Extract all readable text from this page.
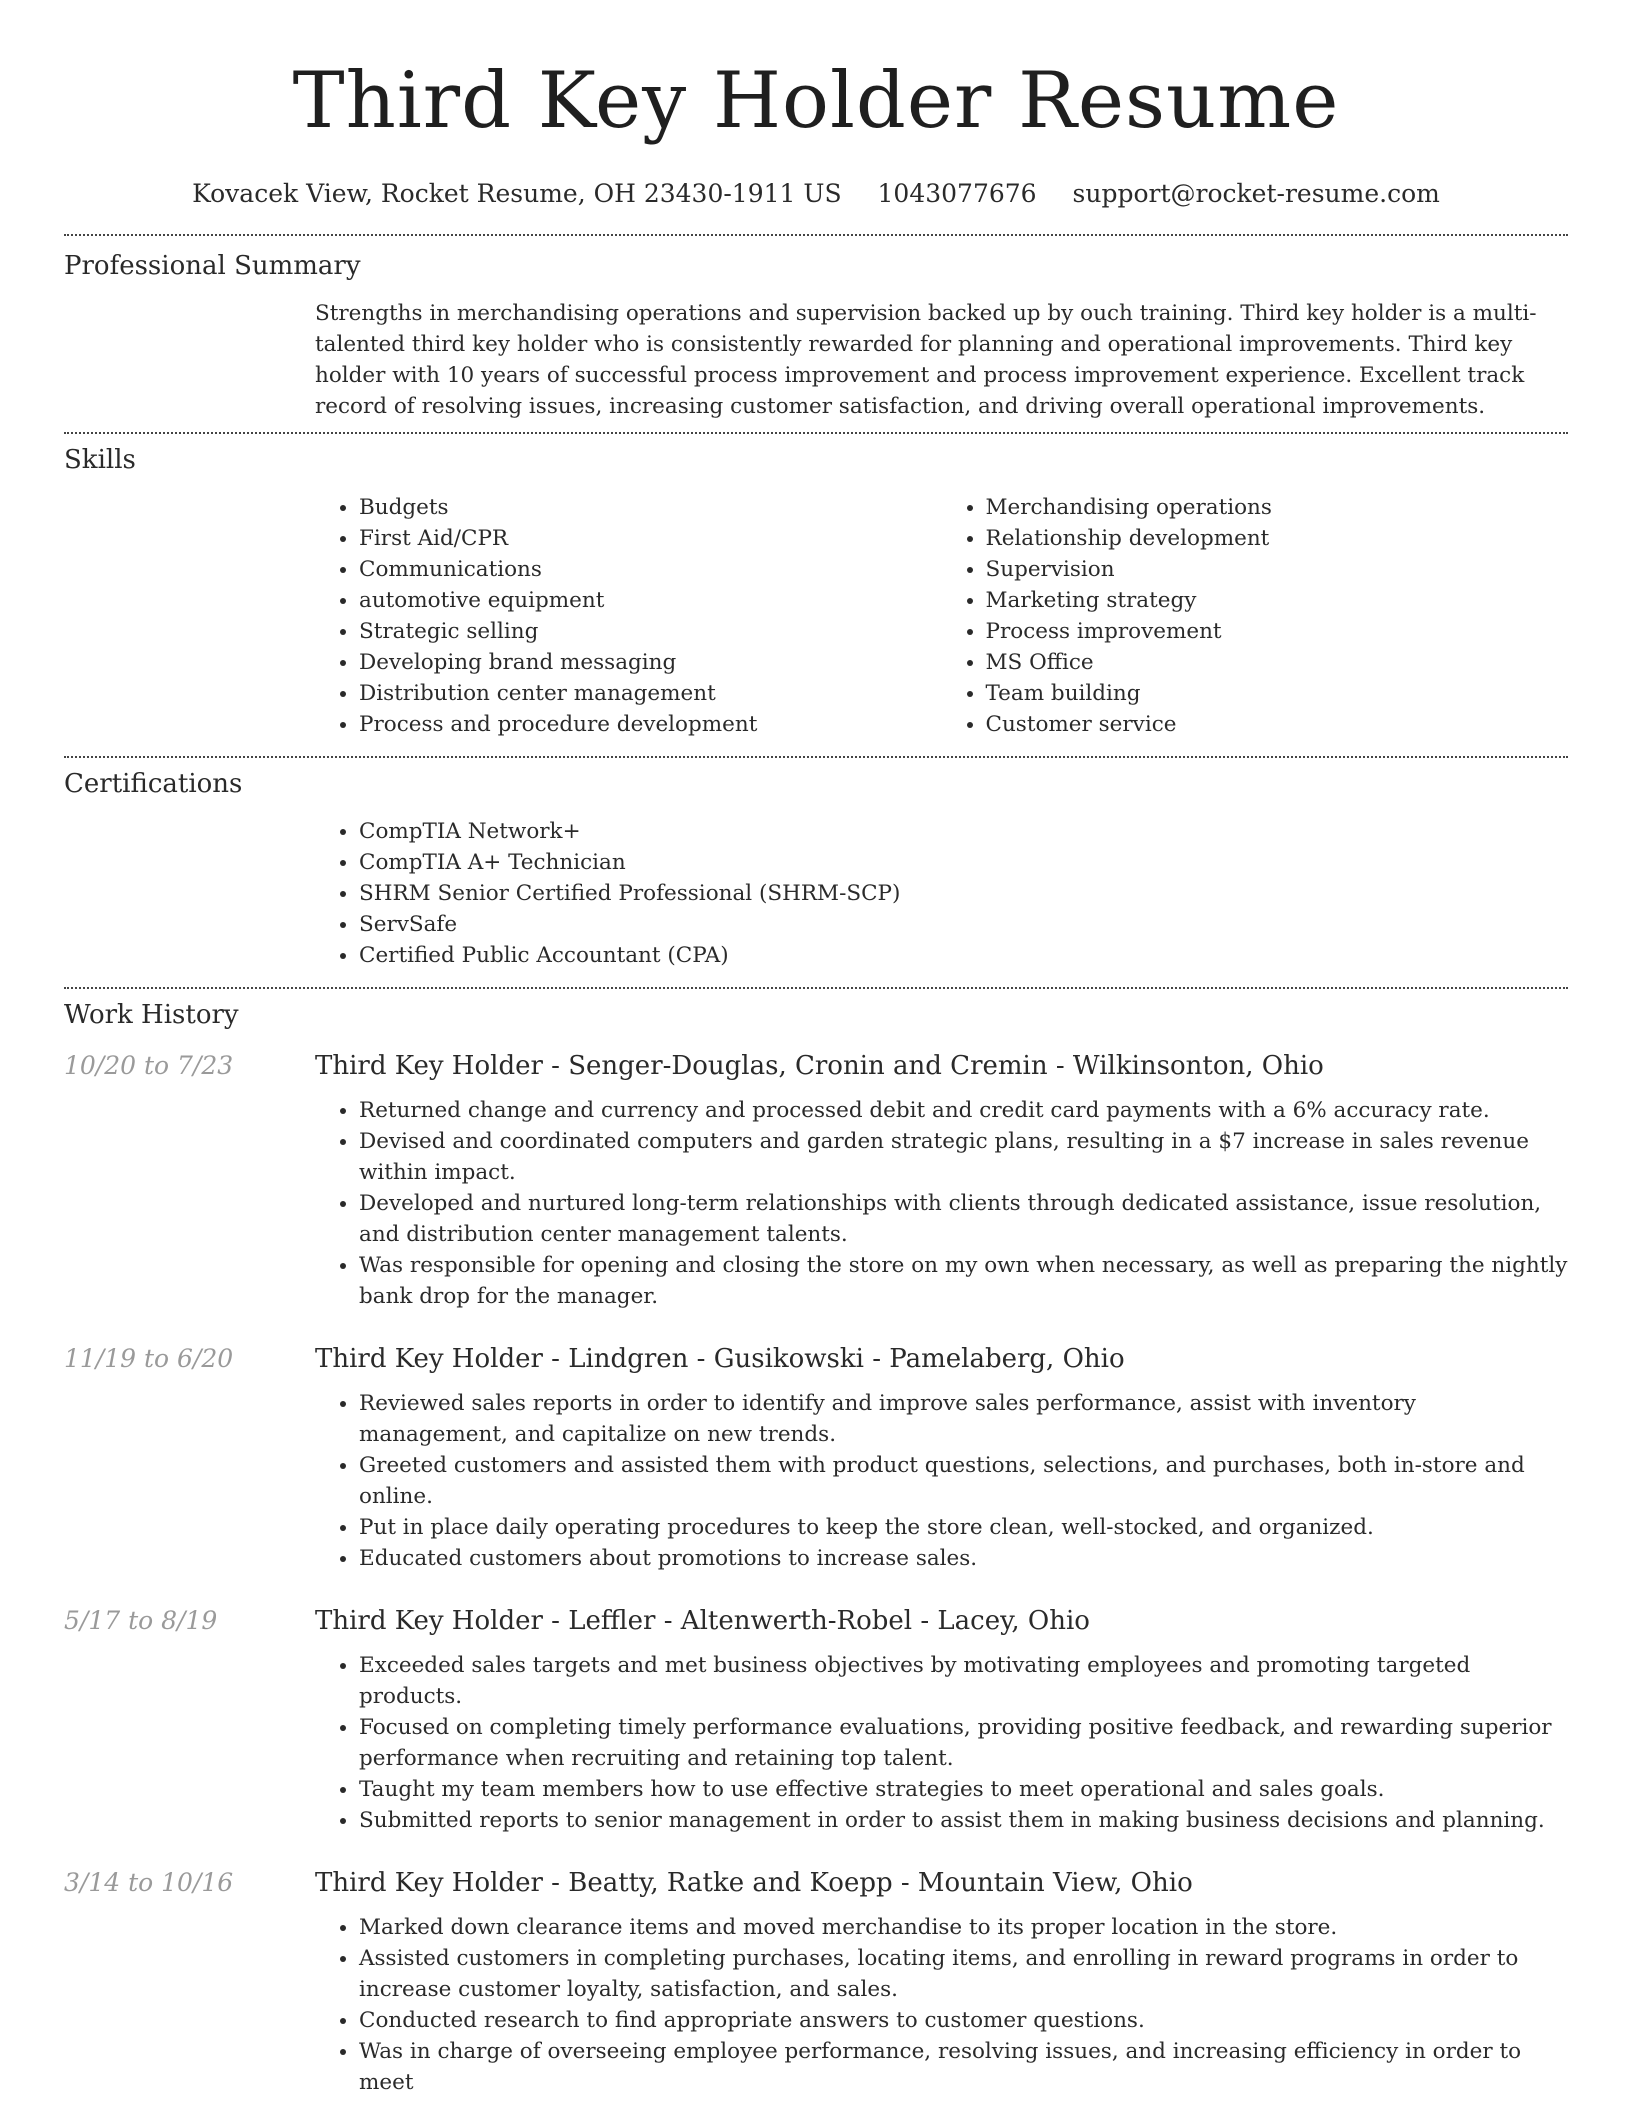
Third Key Holder Resume
Kovacek View, Rocket Resume, OH 23430-1911 US 1043077676 support@rocket-resume.com
Professional Summary

Strengths in merchandising operations and supervision backed up by ouch training. Third key holder is a multi-talented third key holder who is consistently rewarded for planning and operational improvements. Third key holder with 10 years of successful process improvement and process improvement experience. Excellent track record of resolving issues, increasing customer satisfaction, and driving overall operational improvements.

Skills
• Budgets
• First Aid/CPR
• Communications
• automotive equipment
• Strategic selling
• Developing brand messaging
• Distribution center management
• Process and procedure development
• Merchandising operations
• Relationship development
• Supervision
• Marketing strategy
• Process improvement
• MS Office
• Team building
• Customer service
Certifications
• CompTIA Network+
• CompTIA A+ Technician
• SHRM Senior Certified Professional (SHRM-SCP)
• ServSafe
• Certified Public Accountant (CPA)
Work History
10/20 to 7/23	Third Key Holder - Senger-Douglas, Cronin and Cremin - Wilkinsonton, Ohio
• Returned change and currency and processed debit and credit card payments with a 6% accuracy rate.
• Devised and coordinated computers and garden strategic plans, resulting in a $7 increase in sales revenue within impact.
• Developed and nurtured long-term relationships with clients through dedicated assistance, issue resolution, and distribution center management talents.
• Was responsible for opening and closing the store on my own when necessary, as well as preparing the nightly bank drop for the manager.
11/19 to 6/20	Third Key Holder - Lindgren - Gusikowski - Pamelaberg, Ohio
• Reviewed sales reports in order to identify and improve sales performance, assist with inventory management, and capitalize on new trends.
• Greeted customers and assisted them with product questions, selections, and purchases, both in-store and online.
• Put in place daily operating procedures to keep the store clean, well-stocked, and organized.
• Educated customers about promotions to increase sales.
5/17 to 8/19	Third Key Holder - Leffler - Altenwerth-Robel - Lacey, Ohio
• Exceeded sales targets and met business objectives by motivating employees and promoting targeted products.
• Focused on completing timely performance evaluations, providing positive feedback, and rewarding superior performance when recruiting and retaining top talent.
• Taught my team members how to use effective strategies to meet operational and sales goals.
• Submitted reports to senior management in order to assist them in making business decisions and planning.
3/14 to 10/16	Third Key Holder - Beatty, Ratke and Koepp - Mountain View, Ohio
• Marked down clearance items and moved merchandise to its proper location in the store.
• Assisted customers in completing purchases, locating items, and enrolling in reward programs in order to increase customer loyalty, satisfaction, and sales.
• Conducted research to find appropriate answers to customer questions.
• Was in charge of overseeing employee performance, resolving issues, and increasing efficiency in order to meet
